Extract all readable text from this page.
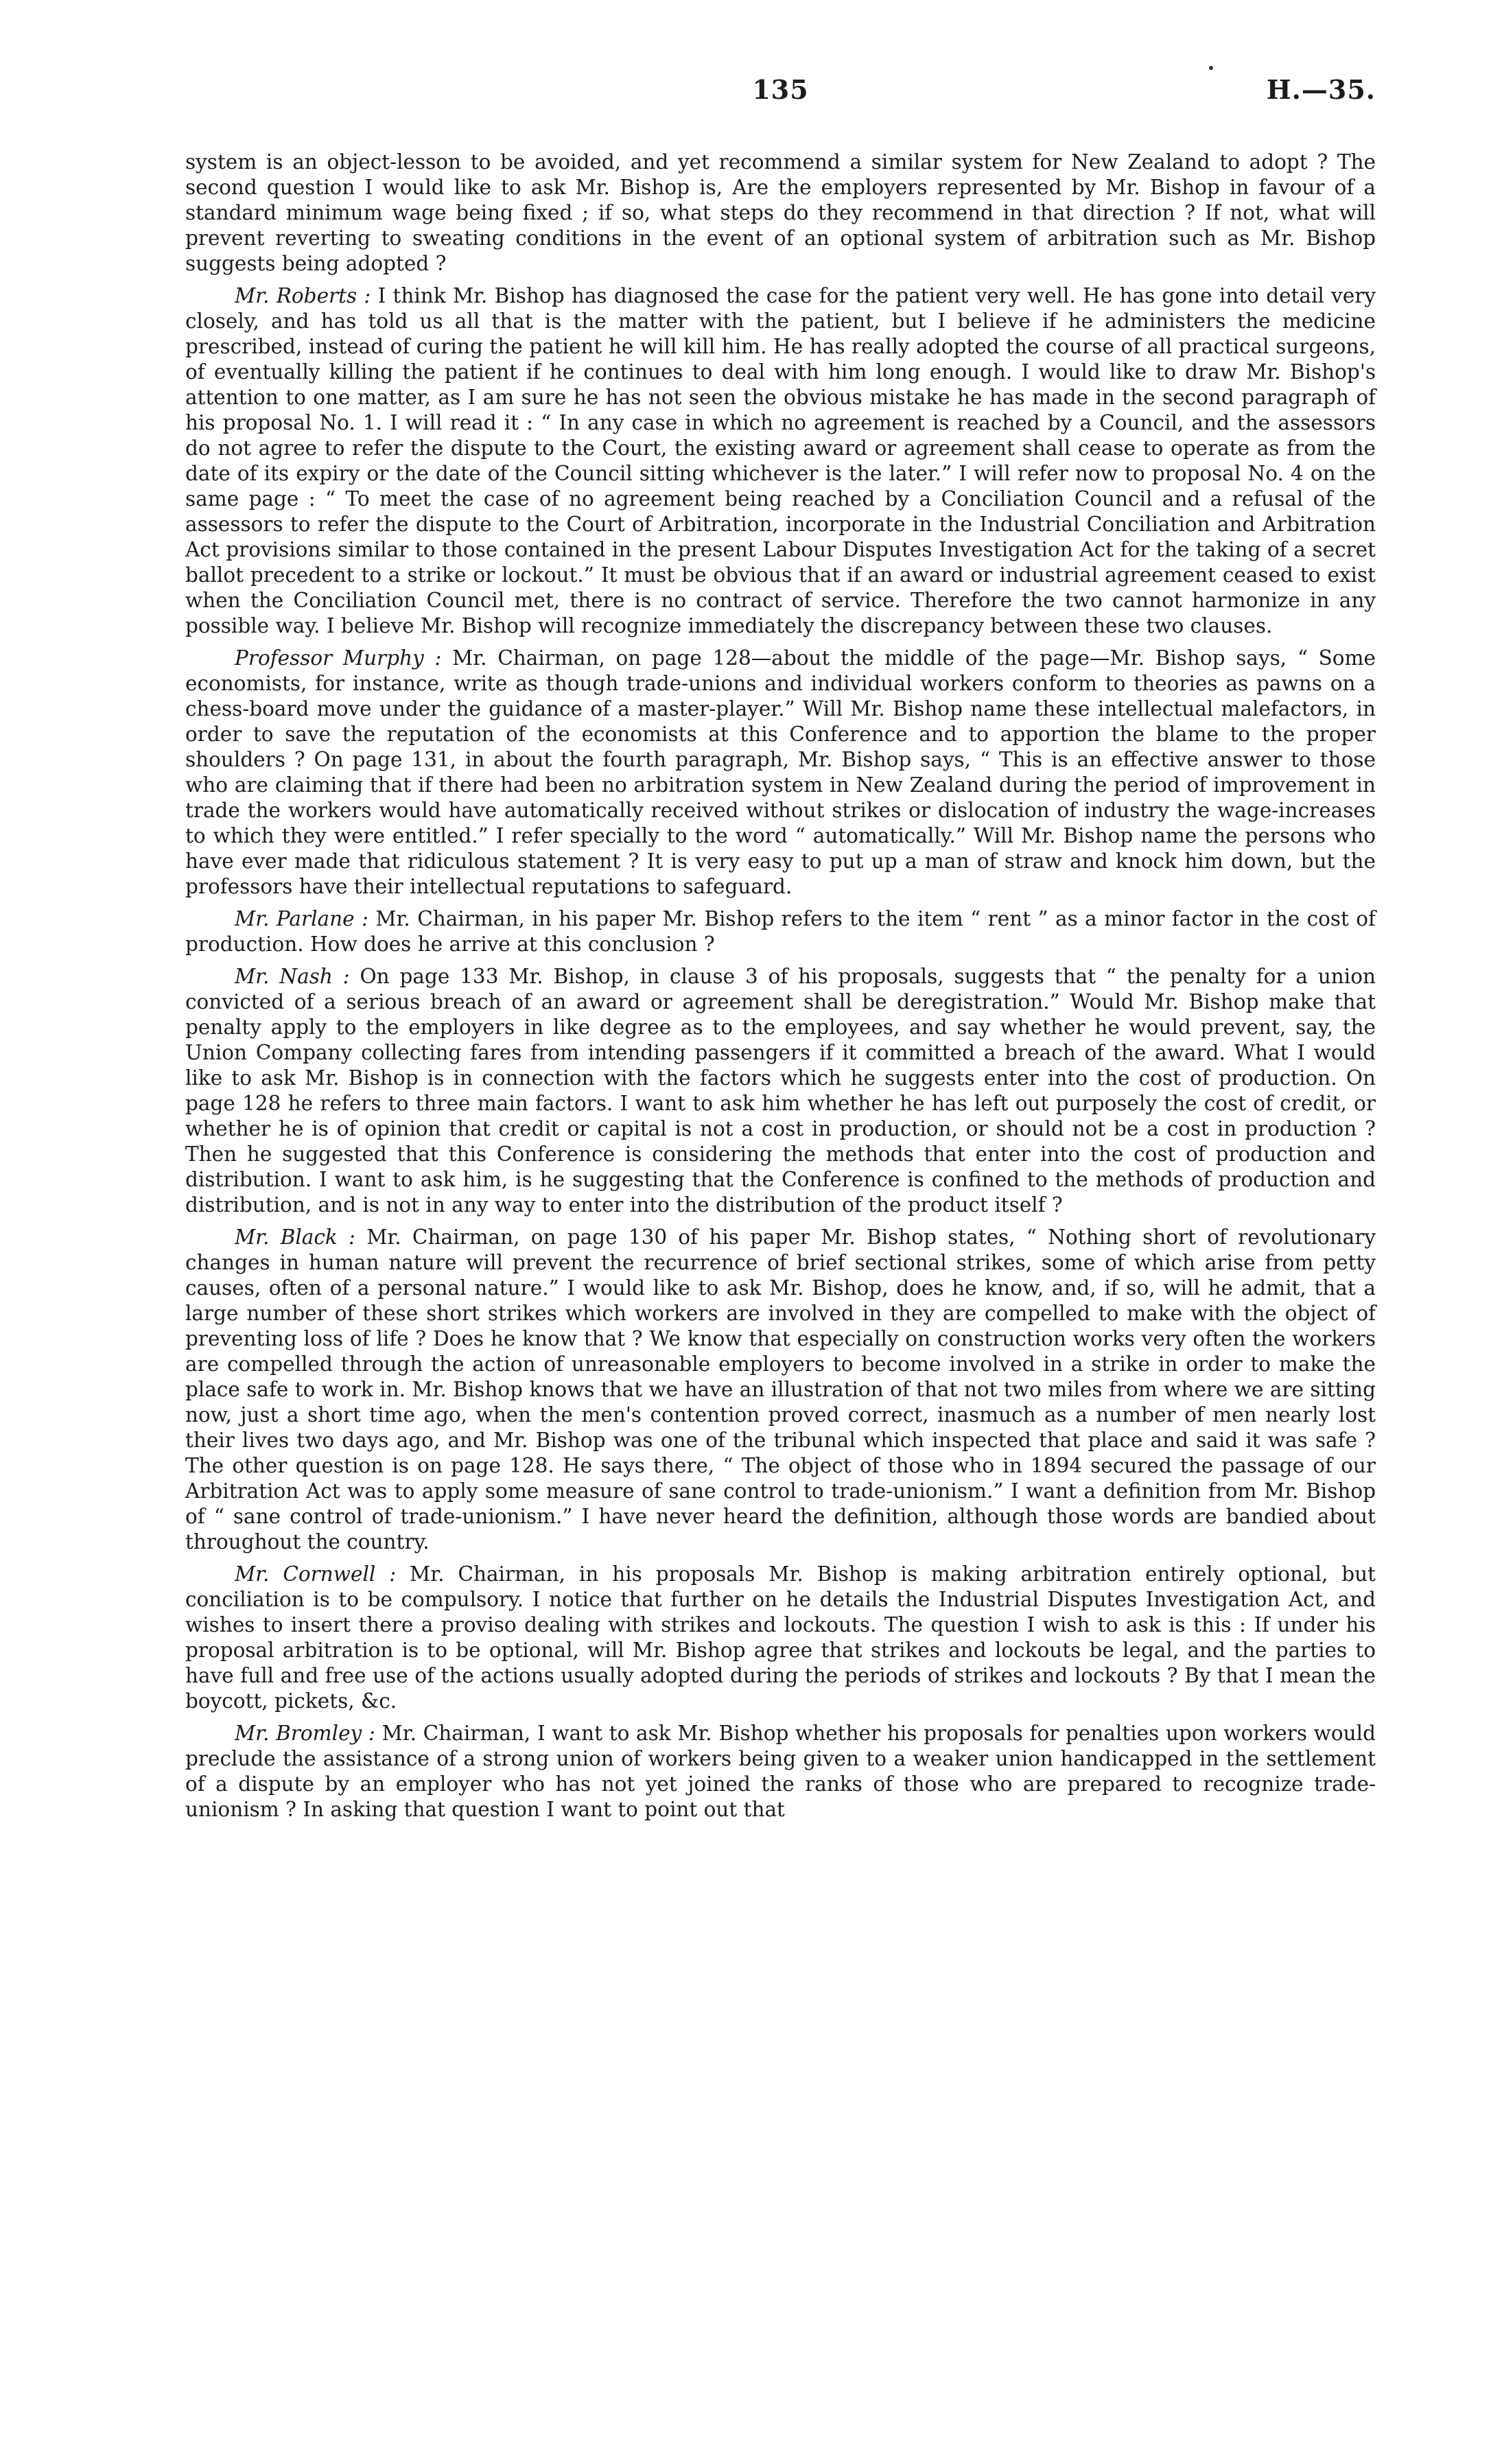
135	H.—35.

system is an object-lesson to be avoided, and yet recommend a similar system for New Zealand to adopt ? The second question I would like to ask Mr. Bishop is, Are the employers represented by Mr. Bishop in favour of a standard minimum wage being fixed ; if so, what steps do they recommend in that direction ? If not, what will prevent reverting to sweating conditions in the event of an optional system of arbitration such as Mr. Bishop suggests being adopted ?

Mr. Roberts : I think Mr. Bishop has diagnosed the case for the patient very well. He has gone into detail very closely, and has told us all that is the matter with the patient, but I believe if he administers the medicine prescribed, instead of curing the patient he will kill him. He has really adopted the course of all practical surgeons, of eventually killing the patient if he continues to deal with him long enough. I would like to draw Mr. Bishop's attention to one matter, as I am sure he has not seen the obvious mistake he has made in the second paragraph of his proposal No. 1. I will read it : “ In any case in which no agreement is reached by a Council, and the assessors do not agree to refer the dispute to the Court, the existing award or agreement shall cease to operate as from the date of its expiry or the date of the Council sitting whichever is the later.” I will refer now to proposal No. 4 on the same page : “ To meet the case of no agreement being reached by a Conciliation Council and a refusal of the assessors to refer the dispute to the Court of Arbitration, incorporate in the Industrial Conciliation and Arbitration Act provisions similar to those contained in the present Labour Disputes Investigation Act for the taking of a secret ballot precedent to a strike or lockout.” It must be obvious that if an award or industrial agreement ceased to exist when the Conciliation Council met, there is no contract of service. Therefore the two cannot harmonize in any possible way. I believe Mr. Bishop will recognize immediately the discrepancy between these two clauses.

Professor Murphy : Mr. Chairman, on page 128—about the middle of the page—Mr. Bishop says, “ Some economists, for instance, write as though trade-unions and individual workers conform to theories as pawns on a chess-board move under the guidance of a master-player.” Will Mr. Bishop name these intellectual malefactors, in order to save the reputation of the economists at this Conference and to apportion the blame to the proper shoulders ? On page 131, in about the fourth paragraph, Mr. Bishop says, “ This is an effective answer to those who are claiming that if there had been no arbitration system in New Zealand during the period of improvement in trade the workers would have automatically received without strikes or dislocation of industry the wage-increases to which they were entitled.” I refer specially to the word “ automatically.” Will Mr. Bishop name the persons who have ever made that ridiculous statement ? It is very easy to put up a man of straw and knock him down, but the professors have their intellectual reputations to safeguard.

Mr. Parlane : Mr. Chairman, in his paper Mr. Bishop refers to the item “ rent ” as a minor factor in the cost of production. How does he arrive at this conclusion ?

Mr. Nash : On page 133 Mr. Bishop, in clause 3 of his proposals, suggests that “ the penalty for a union convicted of a serious breach of an award or agreement shall be deregistration.” Would Mr. Bishop make that penalty apply to the employers in like degree as to the employees, and say whether he would prevent, say, the Union Company collecting fares from intending passengers if it committed a breach of the award. What I would like to ask Mr. Bishop is in connection with the factors which he suggests enter into the cost of production. On page 128 he refers to three main factors. I want to ask him whether he has left out purposely the cost of credit, or whether he is of opinion that credit or capital is not a cost in production, or should not be a cost in production ? Then he suggested that this Conference is considering the methods that enter into the cost of production and distribution. I want to ask him, is he suggesting that the Conference is confined to the methods of production and distribution, and is not in any way to enter into the distribution of the product itself ?

Mr. Black : Mr. Chairman, on page 130 of his paper Mr. Bishop states, “ Nothing short of revolutionary changes in human nature will prevent the recurrence of brief sectional strikes, some of which arise from petty causes, often of a personal nature.” I would like to ask Mr. Bishop, does he know, and, if so, will he admit, that a large number of these short strikes which workers are involved in they are compelled to make with the object of preventing loss of life ? Does he know that ? We know that especially on construction works very often the workers are compelled through the action of unreasonable employers to become involved in a strike in order to make the place safe to work in. Mr. Bishop knows that we have an illustration of that not two miles from where we are sitting now, just a short time ago, when the men's contention proved correct, inasmuch as a number of men nearly lost their lives two days ago, and Mr. Bishop was one of the tribunal which inspected that place and said it was safe ? The other question is on page 128. He says there, “ The object of those who in 1894 secured the passage of our Arbitration Act was to apply some measure of sane control to trade-unionism.” I want a definition from Mr. Bishop of “ sane control of trade-unionism.” I have never heard the definition, although those words are bandied about throughout the country.

Mr. Cornwell : Mr. Chairman, in his proposals Mr. Bishop is making arbitration entirely optional, but conciliation is to be compulsory. I notice that further on he details the Industrial Disputes Investigation Act, and wishes to insert there a proviso dealing with strikes and lockouts. The question I wish to ask is this : If under his proposal arbitration is to be optional, will Mr. Bishop agree that strikes and lockouts be legal, and the parties to have full and free use of the actions usually adopted during the periods of strikes and lockouts ? By that I mean the boycott, pickets, &c.

Mr. Bromley : Mr. Chairman, I want to ask Mr. Bishop whether his proposals for penalties upon workers would preclude the assistance of a strong union of workers being given to a weaker union handicapped in the settlement of a dispute by an employer who has not yet joined the ranks of those who are prepared to recognize trade-unionism ? In asking that question I want to point out that
